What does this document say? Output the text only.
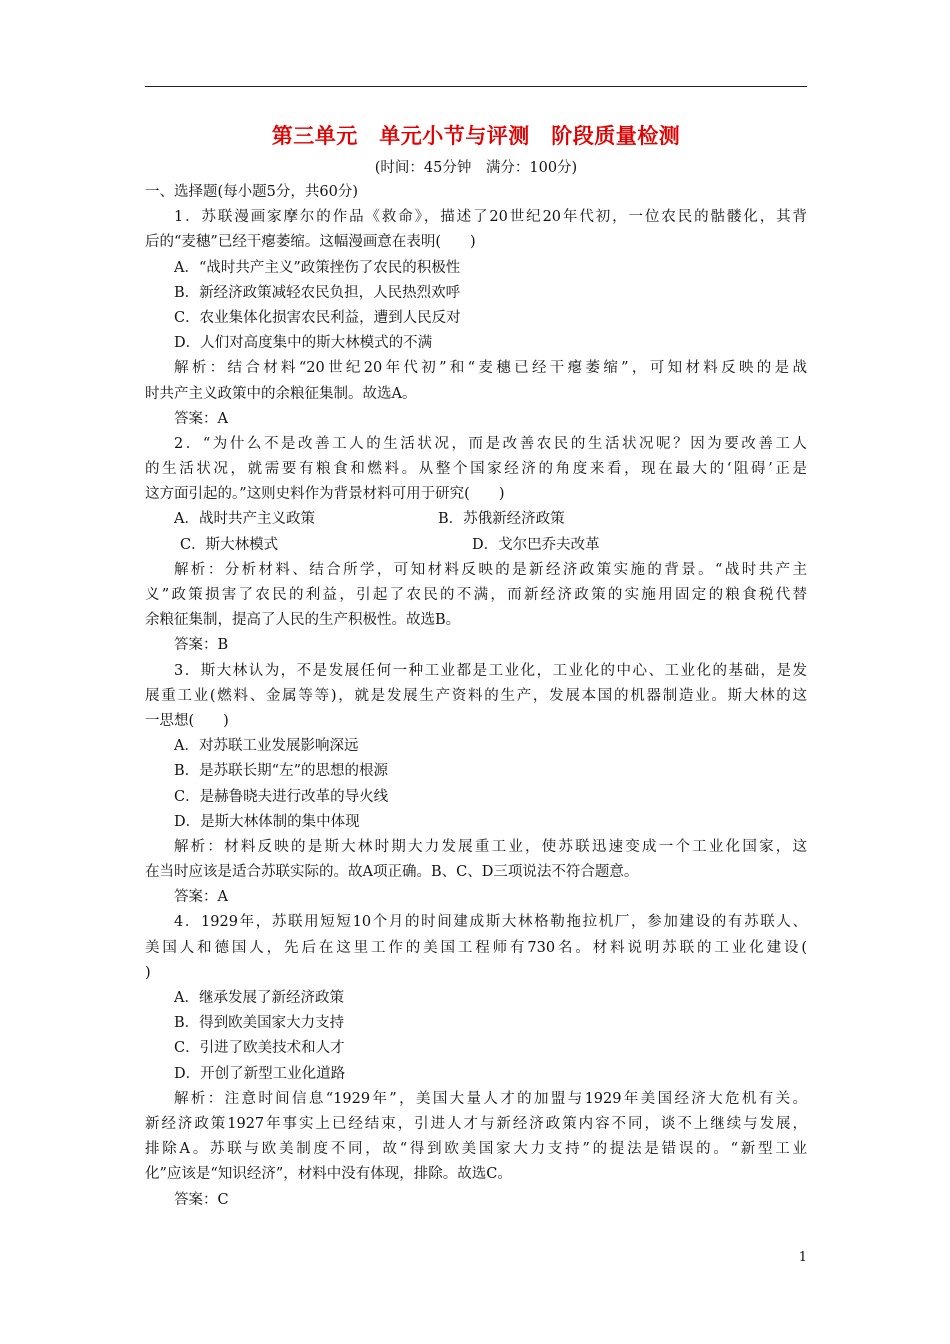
第三单元　单元小节与评测　阶段质量检测
(时间：45分钟　满分：100分)
一、选择题(每小题5分，共60分)
1．苏联漫画家摩尔的作品《救命》，描述了20世纪20年代初，一位农民的骷髅化，其背
后的“麦穗”已经干瘪萎缩。这幅漫画意在表明(　　)
A．“战时共产主义”政策挫伤了农民的积极性
B．新经济政策减轻农民负担，人民热烈欢呼
C．农业集体化损害农民利益，遭到人民反对
D．人们对高度集中的斯大林模式的不满
解析：结合材料“20世纪20年代初”和“麦穗已经干瘪萎缩”，可知材料反映的是战
时共产主义政策中的余粮征集制。故选A。
答案：A
2．“为什么不是改善工人的生活状况，而是改善农民的生活状况呢？因为要改善工人
的生活状况，就需要有粮食和燃料。从整个国家经济的角度来看，现在最大的‘阻碍’正是
这方面引起的。”这则史料作为背景材料可用于研究(　　)
A．战时共产主义政策	B．苏俄新经济政策
C．斯大林模式	D．戈尔巴乔夫改革
解析：分析材料、结合所学，可知材料反映的是新经济政策实施的背景。“战时共产主
义”政策损害了农民的利益，引起了农民的不满，而新经济政策的实施用固定的粮食税代替
余粮征集制，提高了人民的生产积极性。故选B。
答案：B
3．斯大林认为，不是发展任何一种工业都是工业化，工业化的中心、工业化的基础，是发
展重工业(燃料、金属等等)，就是发展生产资料的生产，发展本国的机器制造业。斯大林的这
一思想(　　)
A．对苏联工业发展影响深远
B．是苏联长期“左”的思想的根源
C．是赫鲁晓夫进行改革的导火线
D．是斯大林体制的集中体现
解析：材料反映的是斯大林时期大力发展重工业，使苏联迅速变成一个工业化国家，这
在当时应该是适合苏联实际的。故A项正确。B、C、D三项说法不符合题意。
答案：A
4．1929年，苏联用短短10个月的时间建成斯大林格勒拖拉机厂，参加建设的有苏联人、
美国人和德国人，先后在这里工作的美国工程师有730名。材料说明苏联的工业化建设(
)
A．继承发展了新经济政策
B．得到欧美国家大力支持
C．引进了欧美技术和人才
D．开创了新型工业化道路
解析：注意时间信息“1929年”，美国大量人才的加盟与1929年美国经济大危机有关。
新经济政策1927年事实上已经结束，引进人才与新经济政策内容不同，谈不上继续与发展，
排除A。苏联与欧美制度不同，故“得到欧美国家大力支持”的提法是错误的。“新型工业
化”应该是“知识经济”，材料中没有体现，排除。故选C。
答案：C
1
